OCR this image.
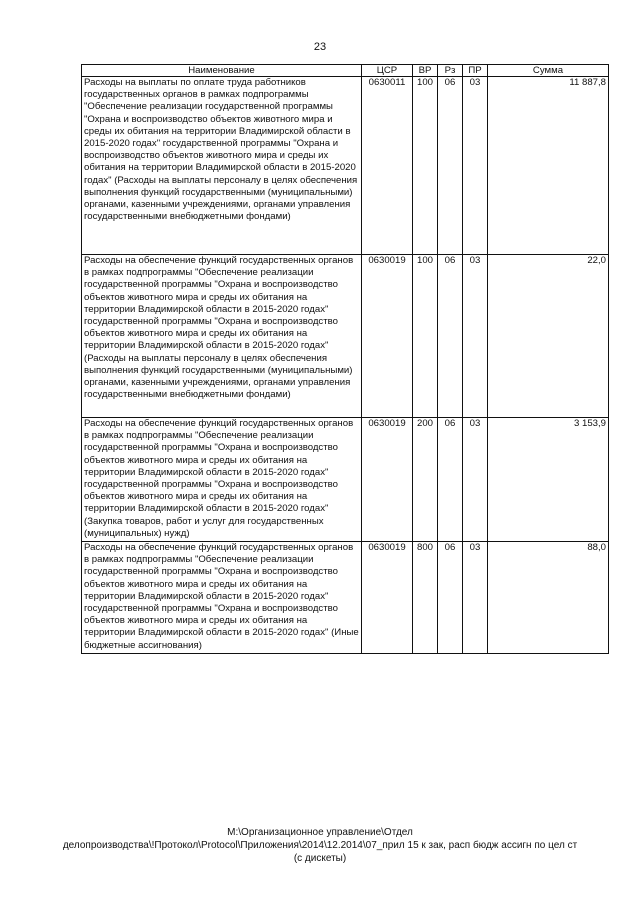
23
Наименование	ЦСР	ВР	Рз	ПР	Сумма
Расходы на выплаты по оплате труда работников государственных органов в рамках подпрограммы "Обеспечение реализации государственной программы "Охрана и воспроизводство объектов животного мира и среды их обитания на территории Владимирской области в 2015-2020 годах" государственной программы "Охрана и воспроизводство объектов животного мира и среды их обитания на территории Владимирской области в 2015-2020 годах" (Расходы на выплаты персоналу в целях обеспечения выполнения функций государственными (муниципальными) органами, казенными учреждениями, органами управления государственными внебюджетными фондами)	0630011	100	06	03	11 887,8
Расходы на обеспечение функций государственных органов в рамках подпрограммы "Обеспечение реализации государственной программы "Охрана и воспроизводство объектов животного мира и среды их обитания на территории Владимирской области в 2015-2020 годах" государственной программы "Охрана и воспроизводство объектов животного мира и среды их обитания на территории Владимирской области в 2015-2020 годах" (Расходы на выплаты персоналу в целях обеспечения выполнения функций государственными (муниципальными) органами, казенными учреждениями, органами управления государственными внебюджетными фондами)	0630019	100	06	03	22,0
Расходы на обеспечение функций государственных органов в рамках подпрограммы "Обеспечение реализации государственной программы "Охрана и воспроизводство объектов животного мира и среды их обитания на территории Владимирской области в 2015-2020 годах" государственной программы "Охрана и воспроизводство объектов животного мира и среды их обитания на территории Владимирской области в 2015-2020 годах" (Закупка товаров, работ и услуг для государственных (муниципальных) нужд)	0630019	200	06	03	3 153,9
Расходы на обеспечение функций государственных органов в рамках подпрограммы "Обеспечение реализации государственной программы "Охрана и воспроизводство объектов животного мира и среды их обитания на территории Владимирской области в 2015-2020 годах" государственной программы "Охрана и воспроизводство объектов животного мира и среды их обитания на территории Владимирской области в 2015-2020 годах" (Иные бюджетные ассигнования)	0630019	800	06	03	88,0
М:\Организационное управление\Отдел
делопроизводства\!Протокол\Protocol\Приложения\2014\12.2014\07_прил 15 к зак, расп бюдж ассигн по цел ст
(с дискеты)
